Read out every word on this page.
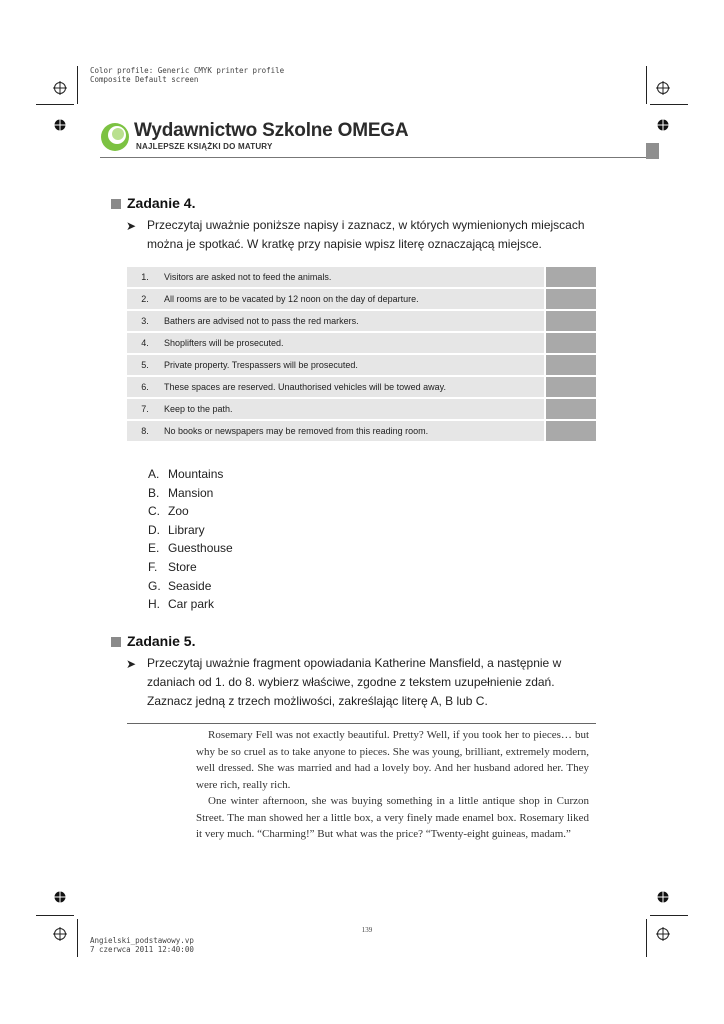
Color profile: Generic CMYK printer profile
Composite Default screen
Wydawnictwo Szkolne OMEGA
NAJLEPSZE KSIĄŻKI DO MATURY
Zadanie 4.
➤ Przeczytaj uważnie poniższe napisy i zaznacz, w których wymienionych miejscach można je spotkać. W kratkę przy napisie wpisz literę oznaczającą miejsce.
1.	Visitors are asked not to feed the animals.	
2.	All rooms are to be vacated by 12 noon on the day of departure.	
3.	Bathers are advised not to pass the red markers.	
4.	Shoplifters will be prosecuted.	
5.	Private property. Trespassers will be prosecuted.	
6.	These spaces are reserved. Unauthorised vehicles will be towed away.	
7.	Keep to the path.	
8.	No books or newspapers may be removed from this reading room.	
A. Mountains
B. Mansion
C. Zoo
D. Library
E. Guesthouse
F. Store
G. Seaside
H. Car park
Zadanie 5.
➤ Przeczytaj uważnie fragment opowiadania Katherine Mansfield, a następnie w zdaniach od 1. do 8. wybierz właściwe, zgodne z tekstem uzupełnienie zdań. Zaznacz jedną z trzech możliwości, zakreślając literę A, B lub C.
Rosemary Fell was not exactly beautiful. Pretty? Well, if you took her to pieces… but why be so cruel as to take anyone to pieces. She was young, brilliant, extremely modern, well dressed. She was married and had a lovely boy. And her husband adored her. They were rich, really rich.
One winter afternoon, she was buying something in a little antique shop in Curzon Street. The man showed her a little box, a very finely made enamel box. Rosemary liked it very much. “Charming!” But what was the price? “Twenty-eight guineas, madam.”
139
Angielski_podstawowy.vp
7 czerwca 2011 12:40:00
